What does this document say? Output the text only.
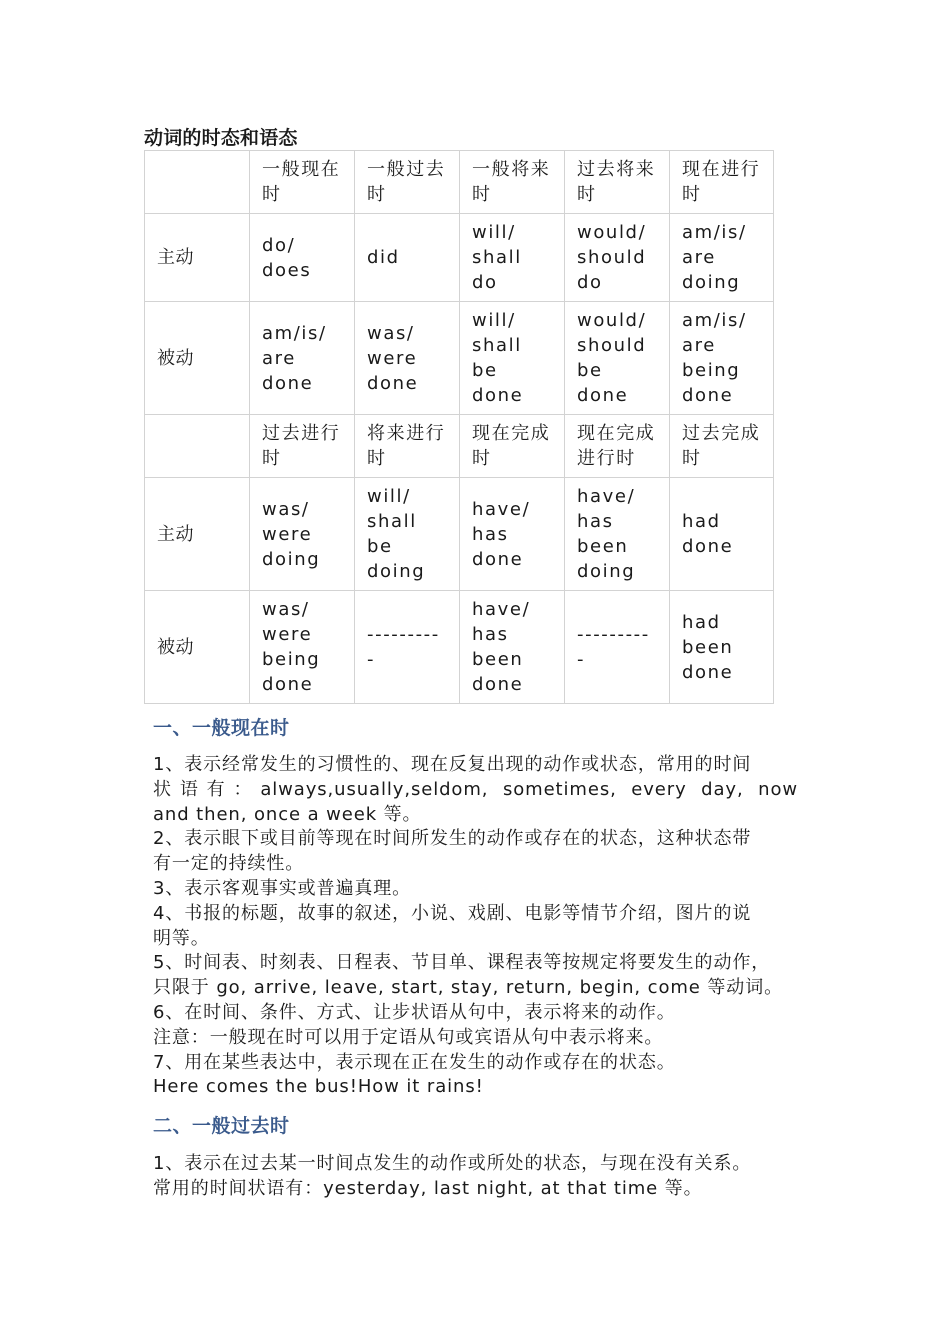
动词的时态和语态
	一般现在时	一般过去时	一般将来时	过去将来时	现在进行时
主动	do/ does	did	will/ shall do	would/ should do	am/is/ are doing
被动	am/is/ are done	was/ were done	will/ shall be done	would/ should be done	am/is/ are being done
	过去进行时	将来进行时	现在完成时	现在完成进行时	过去完成时
主动	was/ were doing	will/ shall be doing	have/ has done	have/ has been doing	had done
被动	was/ were being done	----------	have/ has been done	----------	had been done
一、一般现在时

1、表示经常发生的习惯性的、现在反复出现的动作或状态，常用的时间

状语有：always,usually,seldom, sometimes, every day, now

and then, once a week 等。

2、表示眼下或目前等现在时间所发生的动作或存在的状态，这种状态带

有一定的持续性。

3、表示客观事实或普遍真理。

4、书报的标题，故事的叙述，小说、戏剧、电影等情节介绍，图片的说

明等。

5、时间表、时刻表、日程表、节目单、课程表等按规定将要发生的动作，

只限于 go, arrive, leave, start, stay, return, begin, come 等动词。

6、在时间、条件、方式、让步状语从句中，表示将来的动作。

注意：一般现在时可以用于定语从句或宾语从句中表示将来。

7、用在某些表达中，表示现在正在发生的动作或存在的状态。

Here comes the bus!How it rains!

二、一般过去时

1、表示在过去某一时间点发生的动作或所处的状态，与现在没有关系。

常用的时间状语有：yesterday, last night, at that time 等。
